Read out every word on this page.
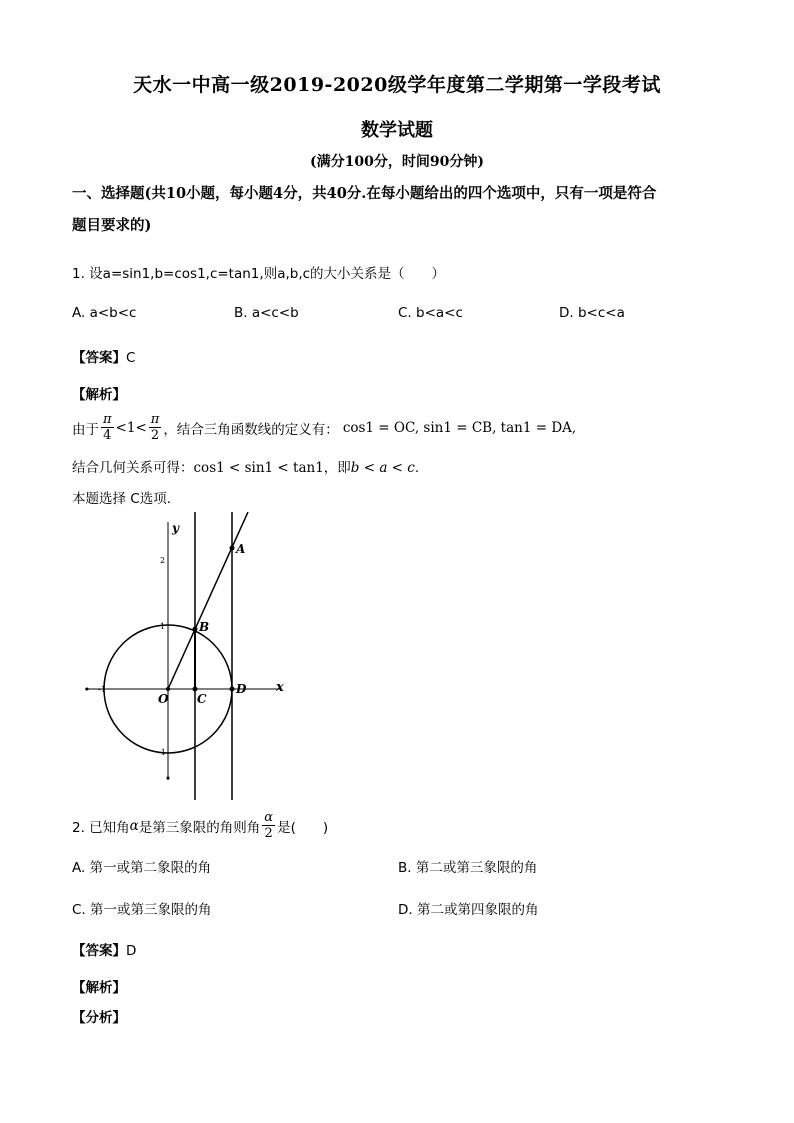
天水一中高一级2019-2020级学年度第二学期第一学段考试
数学试题
(满分100分，时间90分钟)
一、选择题(共10小题，每小题4分，共40分.在每小题给出的四个选项中，只有一项是符合
题目要求的)
1. 设a=sin1,b=cos1,c=tan1,则a,b,c的大小关系是（　　）
A. a<b<c	B. a<c<b	C. b<a<c	D. b<c<a
【答案】C
【解析】
由于 $\frac{\pi}{4} <1< \frac{\pi}{2}$ ，结合三角函数线的定义有： cos1 = OC, sin1 = CB, tan1 = DA,
结合几何关系可得：cos1 < sin1 < tan1，即b < a < c.
本题选择 C选项.
y
x
O
A
B
C
D
2
1
-1
-1
2. 已知角 α 是第三象限的角则角 $\frac{\alpha}{2}$ 是(　　)
A. 第一或第二象限的角	B. 第二或第三象限的角
C. 第一或第三象限的角	D. 第二或第四象限的角
【答案】D
【解析】
【分析】
